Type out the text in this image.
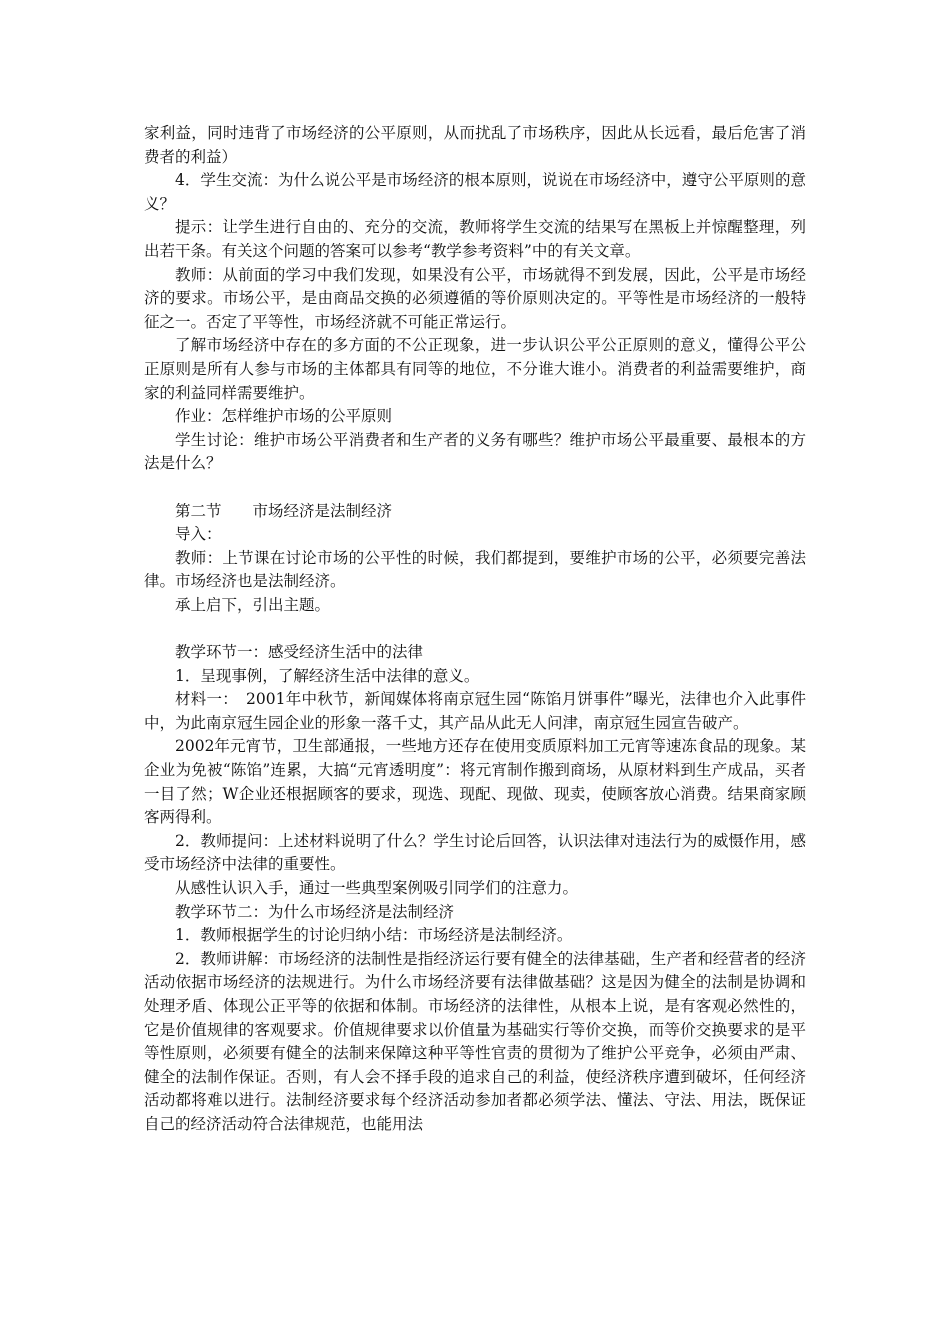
家利益，同时违背了市场经济的公平原则，从而扰乱了市场秩序，因此从长远看，最后危害了消费者的利益）

4．学生交流：为什么说公平是市场经济的根本原则，说说在市场经济中，遵守公平原则的意义？

提示：让学生进行自由的、充分的交流，教师将学生交流的结果写在黑板上并惊醒整理，列出若干条。有关这个问题的答案可以参考“教学参考资料”中的有关文章。

教师：从前面的学习中我们发现，如果没有公平，市场就得不到发展，因此，公平是市场经济的要求。市场公平，是由商品交换的必须遵循的等价原则决定的。平等性是市场经济的一般特征之一。否定了平等性，市场经济就不可能正常运行。

了解市场经济中存在的多方面的不公正现象，进一步认识公平公正原则的意义，懂得公平公正原则是所有人参与市场的主体都具有同等的地位，不分谁大谁小。消费者的利益需要维护，商家的利益同样需要维护。

作业：怎样维护市场的公平原则

学生讨论：维护市场公平消费者和生产者的义务有哪些？维护市场公平最重要、最根本的方法是什么？

第二节　　市场经济是法制经济

导入：

教师：上节课在讨论市场的公平性的时候，我们都提到，要维护市场的公平，必须要完善法律。市场经济也是法制经济。

承上启下，引出主题。

教学环节一：感受经济生活中的法律

1．呈现事例，了解经济生活中法律的意义。

材料一：　2001年中秋节，新闻媒体将南京冠生园“陈馅月饼事件”曝光，法律也介入此事件中，为此南京冠生园企业的形象一落千丈，其产品从此无人问津，南京冠生园宣告破产。

2002年元宵节，卫生部通报，一些地方还存在使用变质原料加工元宵等速冻食品的现象。某企业为免被“陈馅”连累，大搞“元宵透明度”：将元宵制作搬到商场，从原材料到生产成品，买者一目了然；W企业还根据顾客的要求，现选、现配、现做、现卖，使顾客放心消费。结果商家顾客两得利。

2．教师提问：上述材料说明了什么？学生讨论后回答，认识法律对违法行为的威慑作用，感受市场经济中法律的重要性。

从感性认识入手，通过一些典型案例吸引同学们的注意力。

教学环节二：为什么市场经济是法制经济

1．教师根据学生的讨论归纳小结：市场经济是法制经济。

2．教师讲解：市场经济的法制性是指经济运行要有健全的法律基础，生产者和经营者的经济活动依据市场经济的法规进行。为什么市场经济要有法律做基础？这是因为健全的法制是协调和处理矛盾、体现公正平等的依据和体制。市场经济的法律性，从根本上说，是有客观必然性的，它是价值规律的客观要求。价值规律要求以价值量为基础实行等价交换，而等价交换要求的是平等性原则，必须要有健全的法制来保障这种平等性官责的贯彻为了维护公平竞争，必须由严肃、健全的法制作保证。否则，有人会不择手段的追求自己的利益，使经济秩序遭到破坏，任何经济活动都将难以进行。法制经济要求每个经济活动参加者都必须学法、懂法、守法、用法，既保证自己的经济活动符合法律规范，也能用法
